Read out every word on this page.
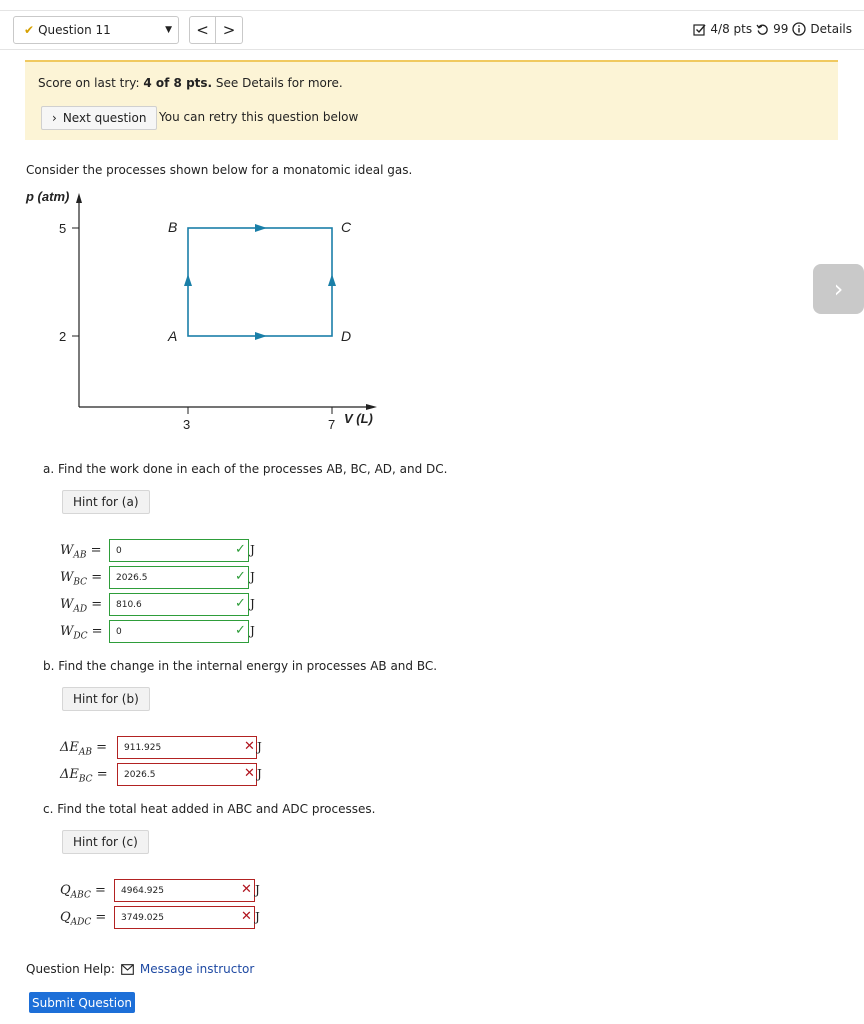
✔ Question 11	▼	< >	4/8 pts 99 Details
Score on last try: 4 of 8 pts. See Details for more.
› Next question You can retry this question below
Consider the processes shown below for a monatomic ideal gas.
p (atm)
5
2
3	7 V (L)
B	C
A	D
a. Find the work done in each of the processes AB, BC, AD, and DC.
Hint for (a)
$W_{AB}$ =	0	✓ J
$W_{BC}$ =	2026.5	✓ J
$W_{AD}$ =	810.6	✓ J
$W_{DC}$ =	0	✓ J
b. Find the change in the internal energy in processes AB and BC.
Hint for (b)
$\Delta E_{AB}$ =	911.925	✕ J
$\Delta E_{BC}$ =	2026.5	✕ J
c. Find the total heat added in ABC and ADC processes.
Hint for (c)
$Q_{ABC}$ =	4964.925	✕ J
$Q_{ADC}$ =	3749.025	✕ J
Question Help: Message instructor
Submit Question
›
